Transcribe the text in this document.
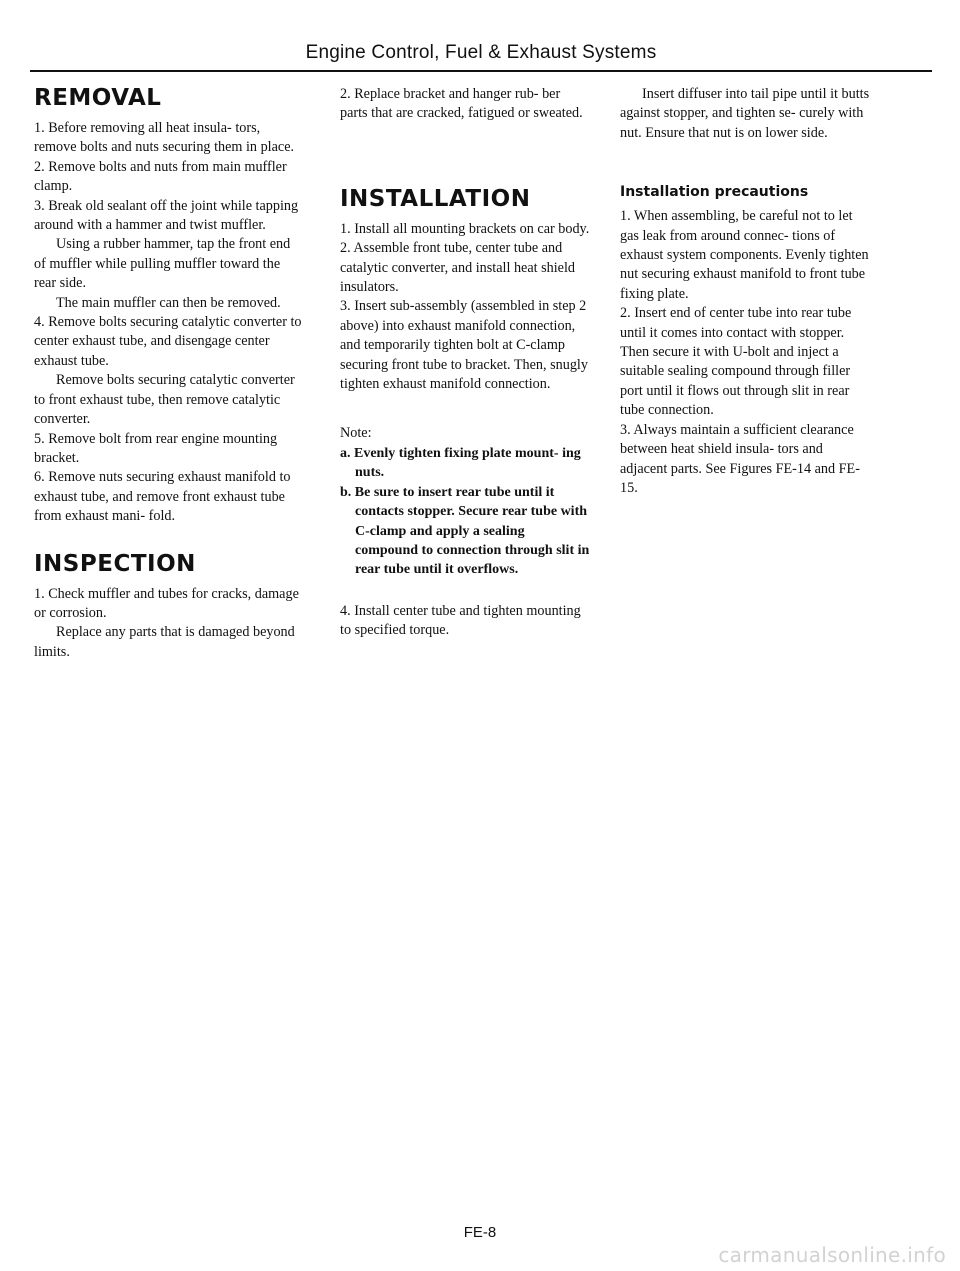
Engine Control, Fuel & Exhaust Systems
REMOVAL

1. Before removing all heat insula- tors, remove bolts and nuts securing them in place.

2. Remove bolts and nuts from main muffler clamp.

3. Break old sealant off the joint while tapping around with a hammer and twist muffler.

Using a rubber hammer, tap the front end of muffler while pulling muffler toward the rear side.

The main muffler can then be removed.

4. Remove bolts securing catalytic converter to center exhaust tube, and disengage center exhaust tube.

Remove bolts securing catalytic converter to front exhaust tube, then remove catalytic converter.

5. Remove bolt from rear engine mounting bracket.

6. Remove nuts securing exhaust manifold to exhaust tube, and remove front exhaust tube from exhaust mani- fold.

INSPECTION

1. Check muffler and tubes for cracks, damage or corrosion.

Replace any parts that is damaged beyond limits.

2. Replace bracket and hanger rub- ber parts that are cracked, fatigued or sweated.

INSTALLATION

1. Install all mounting brackets on car body.

2. Assemble front tube, center tube and catalytic converter, and install heat shield insulators.

3. Insert sub-assembly (assembled in step 2 above) into exhaust manifold connection, and temporarily tighten bolt at C-clamp securing front tube to bracket. Then, snugly tighten exhaust manifold connection.

Note:

a. Evenly tighten fixing plate mount- ing nuts.

b. Be sure to insert rear tube until it contacts stopper. Secure rear tube with C-clamp and apply a sealing compound to connection through slit in rear tube until it overflows.

4. Install center tube and tighten mounting to specified torque.

Insert diffuser into tail pipe until it butts against stopper, and tighten se- curely with nut. Ensure that nut is on lower side.

Installation precautions

1. When assembling, be careful not to let gas leak from around connec- tions of exhaust system components. Evenly tighten nut securing exhaust manifold to front tube fixing plate.

2. Insert end of center tube into rear tube until it comes into contact with stopper. Then secure it with U-bolt and inject a suitable sealing compound through filler port until it flows out through slit in rear tube connection.

3. Always maintain a sufficient clearance between heat shield insula- tors and adjacent parts. See Figures FE-14 and FE-15.

FE-8
carmanualsonline.info
